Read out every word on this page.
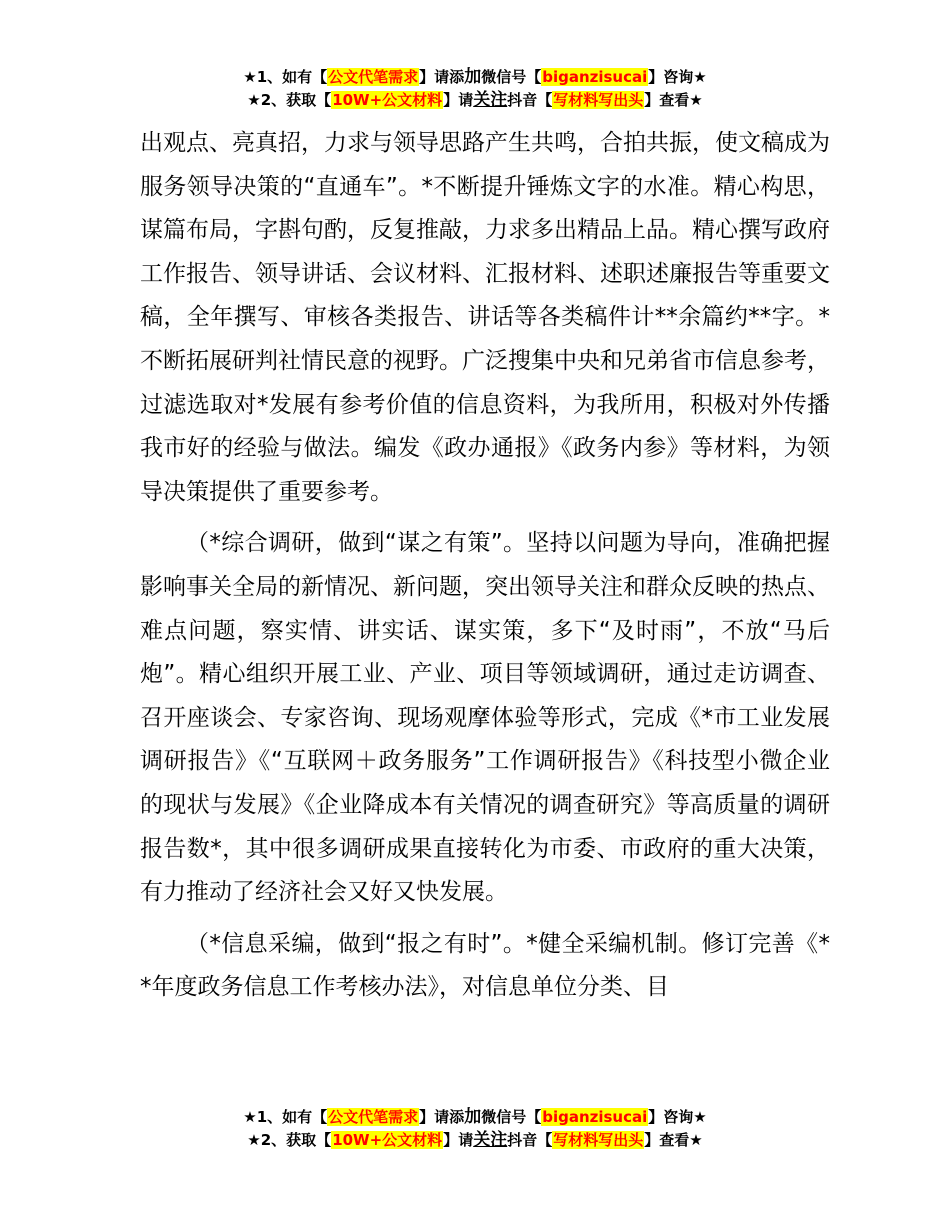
★1、如有【公文代笔需求】请添加微信号【biganzisucai】咨询★
★2、获取【10W+公文材料】请关注抖音【写材料写出头】查看★

出观点、亮真招，力求与领导思路产生共鸣，合拍共振，使文稿成为服务领导决策的“直通车”。*不断提升锤炼文字的水准。精心构思，谋篇布局，字斟句酌，反复推敲，力求多出精品上品。精心撰写政府工作报告、领导讲话、会议材料、汇报材料、述职述廉报告等重要文稿，全年撰写、审核各类报告、讲话等各类稿件计**余篇约**字。*不断拓展研判社情民意的视野。广泛搜集中央和兄弟省市信息参考，过滤选取对*发展有参考价值的信息资料，为我所用，积极对外传播我市好的经验与做法。编发《政办通报》《政务内参》等材料，为领导决策提供了重要参考。

（*综合调研，做到“谋之有策”。坚持以问题为导向，准确把握影响事关全局的新情况、新问题，突出领导关注和群众反映的热点、难点问题，察实情、讲实话、谋实策，多下“及时雨”，不放“马后炮”。精心组织开展工业、产业、项目等领域调研，通过走访调查、召开座谈会、专家咨询、现场观摩体验等形式，完成《*市工业发展调研报告》《“互联网＋政务服务”工作调研报告》《科技型小微企业的现状与发展》《企业降成本有关情况的调查研究》等高质量的调研报告数*，其中很多调研成果直接转化为市委、市政府的重大决策，有力推动了经济社会又好又快发展。

（*信息采编，做到“报之有时”。*健全采编机制。修订完善《**年度政务信息工作考核办法》，对信息单位分类、目

★1、如有【公文代笔需求】请添加微信号【biganzisucai】咨询★
★2、获取【10W+公文材料】请关注抖音【写材料写出头】查看★
